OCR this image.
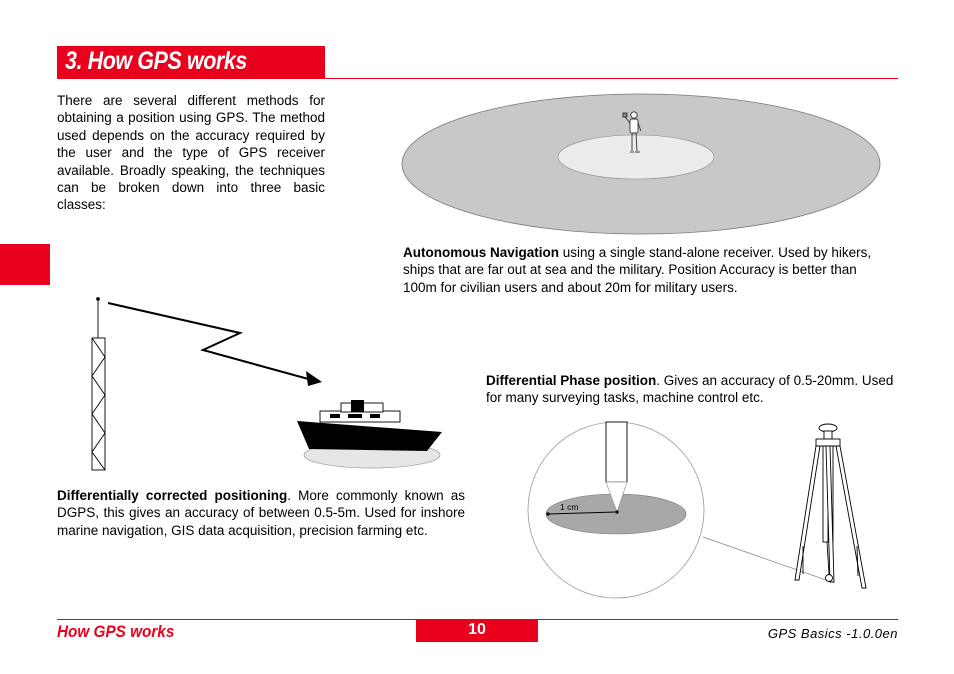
3. How GPS works
There are several different methods for obtaining a position using GPS. The method used depends on the accuracy required by the user and the type of GPS receiver available. Broadly speaking, the techniques can be broken down into three basic classes:
Autonomous Navigation using a single stand-alone receiver. Used by hikers, ships that are far out at sea and the military. Position Accuracy is better than 100m for civilian users and about 20m for military users.
Differentially corrected positioning. More commonly known as DGPS, this gives an accuracy of between 0.5-5m. Used for inshore marine navigation, GIS data acquisition, precision farming etc.
Differential Phase position. Gives an accuracy of 0.5-20mm. Used for many surveying tasks, machine control etc.
1 cm
How GPS works	10	GPS Basics -1.0.0en
